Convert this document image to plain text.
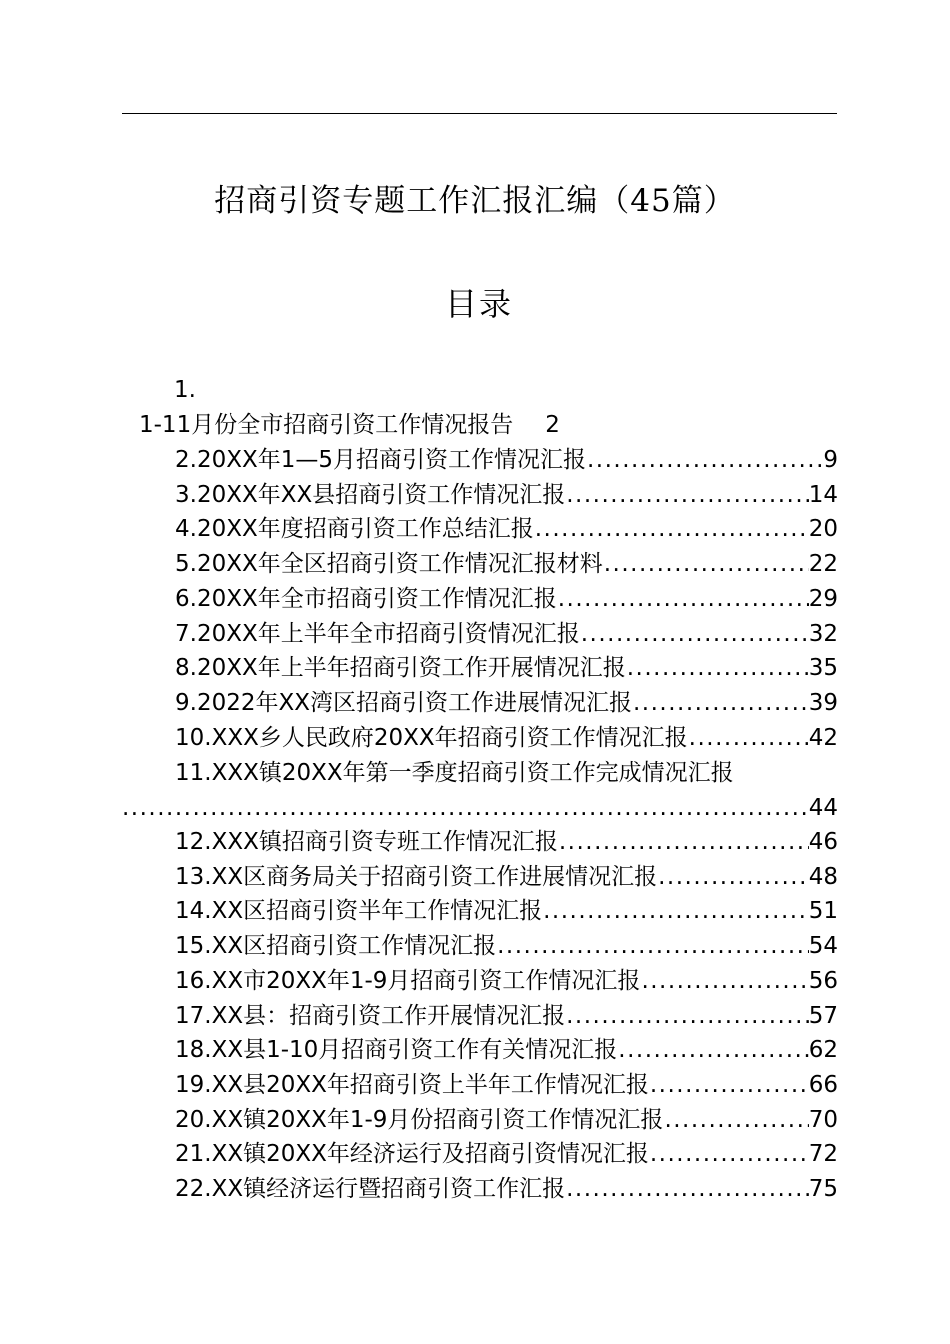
招商引资专题工作汇报汇编（45篇）
目录
1.
1-11月份全市招商引资工作情况报告 2
2.20XX年1—5月招商引资工作情况汇报 .....	9
3.20XX年XX县招商引资工作情况汇报 .....	14
4.20XX年度招商引资工作总结汇报 .....	20
5.20XX年全区招商引资工作情况汇报材料 .....	22
6.20XX年全市招商引资工作情况汇报 .....	29
7.20XX年上半年全市招商引资情况汇报 .....	32
8.20XX年上半年招商引资工作开展情况汇报 .....	35
9.2022年XX湾区招商引资工作进展情况汇报 .....	39
10.XXX乡人民政府20XX年招商引资工作情况汇报 .....	42
11.XXX镇20XX年第一季度招商引资工作完成情况汇报
.....
44
12.XXX镇招商引资专班工作情况汇报 .....	46
13.XX区商务局关于招商引资工作进展情况汇报 .....	48
14.XX区招商引资半年工作情况汇报 .....	51
15.XX区招商引资工作情况汇报 .....	54
16.XX市20XX年1-9月招商引资工作情况汇报 .....	56
17.XX县：招商引资工作开展情况汇报 .....	57
18.XX县1-10月招商引资工作有关情况汇报 .....	62
19.XX县20XX年招商引资上半年工作情况汇报 .....	66
20.XX镇20XX年1-9月份招商引资工作情况汇报 .....	70
21.XX镇20XX年经济运行及招商引资情况汇报 .....	72
22.XX镇经济运行暨招商引资工作汇报 .....	75
